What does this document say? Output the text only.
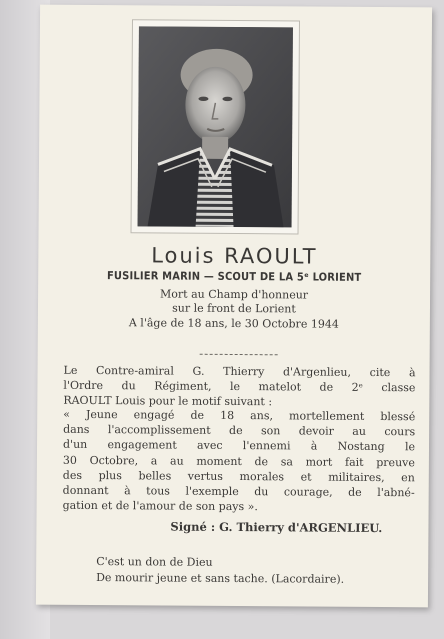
Louis RAOULT
FUSILIER MARIN — SCOUT DE LA 5ᵉ LORIENT
Mort au Champ d'honneur
sur le front de Lorient
A l'âge de 18 ans, le 30 Octobre 1944
Le Contre-amiral G. Thierry d'Argenlieu, cite à
l'Ordre du Régiment, le matelot de 2ᵉ classe
RAOULT Louis pour le motif suivant :
« Jeune engagé de 18 ans, mortellement blessé
dans l'accomplissement de son devoir au cours
d'un engagement avec l'ennemi à Nostang le
30 Octobre, a au moment de sa mort fait preuve
des plus belles vertus morales et militaires, en
donnant à tous l'exemple du courage, de l'abné-
gation et de l'amour de son pays ».
Signé : G. Thierry d'ARGENLIEU.
C'est un don de Dieu
De mourir jeune et sans tache. (Lacordaire).
